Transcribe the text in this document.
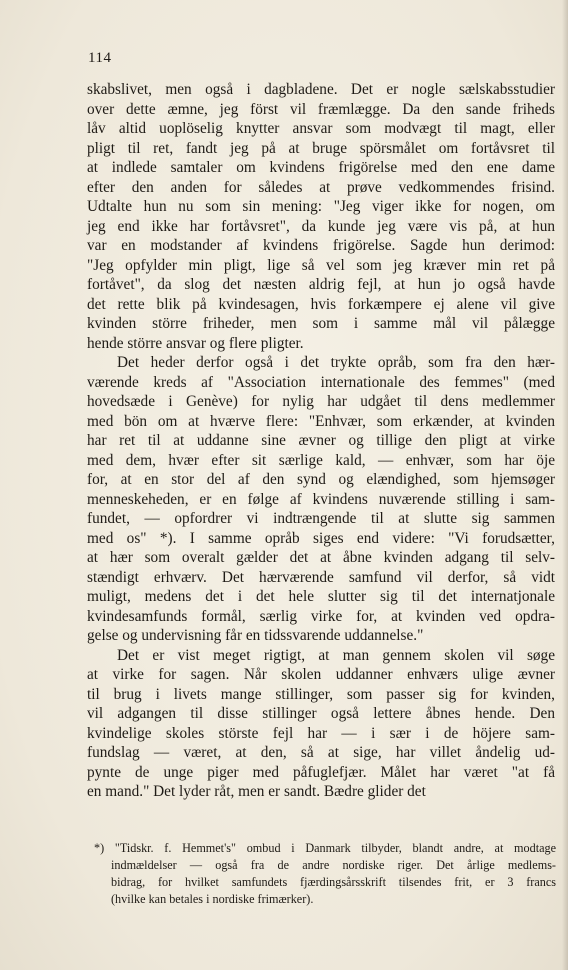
114
skabslivet, men også i dagbladene. Det er nogle sælskabsstudier
over dette æmne, jeg först vil fræmlægge. Da den sande friheds
låv altid uoplöselig knytter ansvar som modvægt til magt, eller
pligt til ret, fandt jeg på at bruge spörsmålet om fortåvsret til
at indlede samtaler om kvindens frigörelse med den ene dame
efter den anden for således at prøve vedkommendes frisind.
Udtalte hun nu som sin mening: "Jeg viger ikke for nogen, om
jeg end ikke har fortåvsret", da kunde jeg være vis på, at hun
var en modstander af kvindens frigörelse. Sagde hun derimod:
"Jeg opfylder min pligt, lige så vel som jeg kræver min ret på
fortåvet", da slog det næsten aldrig fejl, at hun jo også havde
det rette blik på kvindesagen, hvis forkæmpere ej alene vil give
kvinden större friheder, men som i samme mål vil pålægge
hende större ansvar og flere pligter.
Det heder derfor også i det trykte opråb, som fra den hær-
værende kreds af "Association internationale des femmes" (med
hovedsæde i Genève) for nylig har udgået til dens medlemmer
med bön om at hværve flere: "Enhvær, som erkænder, at kvinden
har ret til at uddanne sine ævner og tillige den pligt at virke
med dem, hvær efter sit særlige kald, — enhvær, som har öje
for, at en stor del af den synd og elændighed, som hjemsøger
menneskeheden, er en følge af kvindens nuværende stilling i sam-
fundet, — opfordrer vi indtrængende til at slutte sig sammen
med os" *). I samme opråb siges end videre: "Vi forudsætter,
at hær som overalt gælder det at åbne kvinden adgang til selv-
stændigt erhværv. Det hærværende samfund vil derfor, så vidt
muligt, medens det i det hele slutter sig til det internatjonale
kvindesamfunds formål, særlig virke for, at kvinden ved opdra-
gelse og undervisning får en tidssvarende uddannelse."
Det er vist meget rigtigt, at man gennem skolen vil søge
at virke for sagen. Når skolen uddanner enhværs ulige ævner
til brug i livets mange stillinger, som passer sig for kvinden,
vil adgangen til disse stillinger også lettere åbnes hende. Den
kvindelige skoles störste fejl har — i sær i de höjere sam-
fundslag — været, at den, så at sige, har villet åndelig ud-
pynte de unge piger med påfuglefjær. Målet har været "at få
en mand." Det lyder råt, men er sandt. Bædre glider det
*) "Tidskr. f. Hemmet's" ombud i Danmark tilbyder, blandt andre, at modtage
indmældelser — også fra de andre nordiske riger. Det årlige medlems-
bidrag, for hvilket samfundets fjærdingsårsskrift tilsendes frit, er 3 francs
(hvilke kan betales i nordiske frimærker).
